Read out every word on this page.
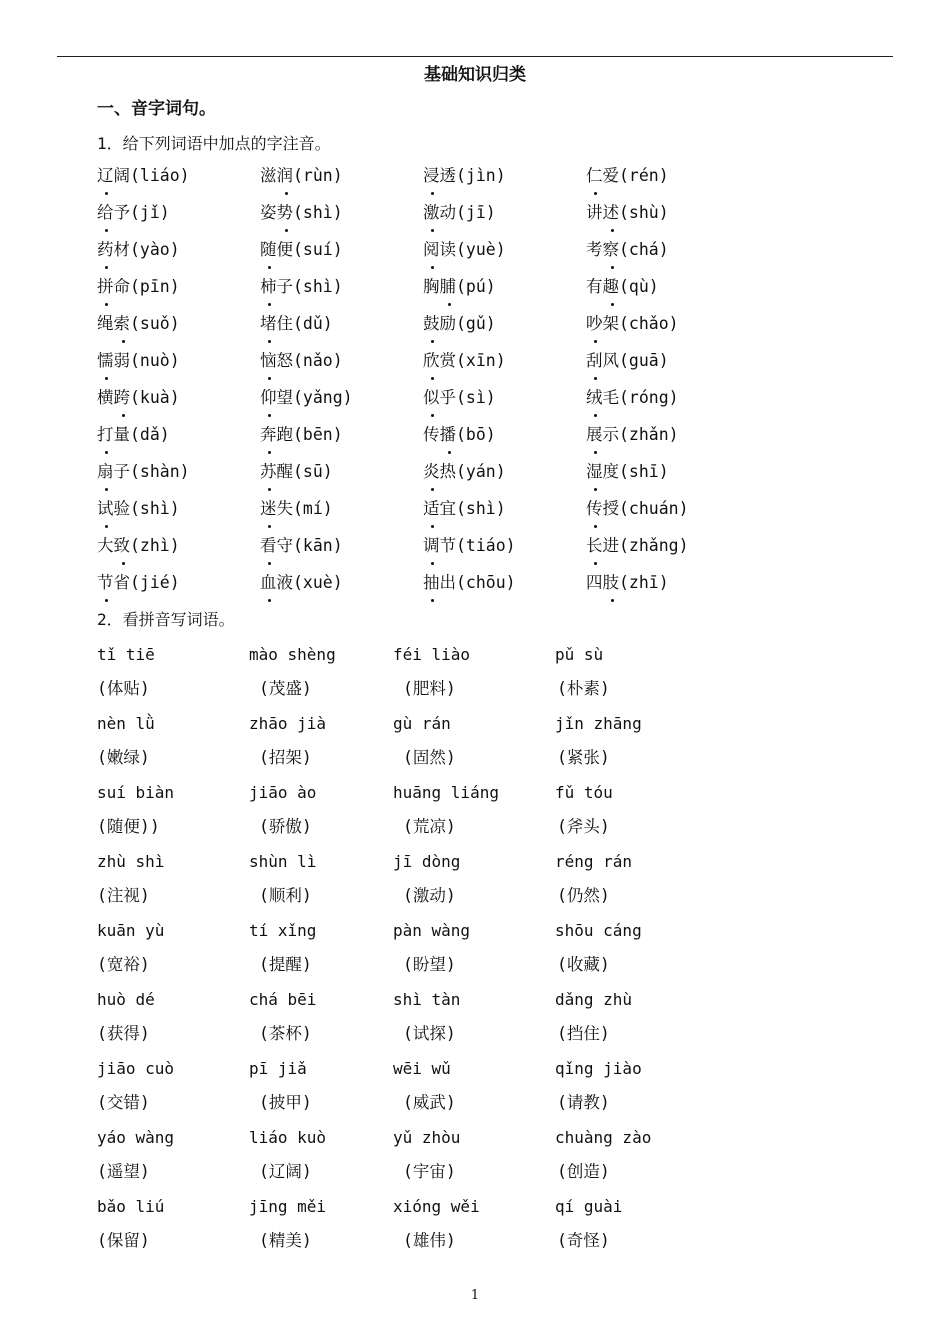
基础知识归类
一、音字词句。
1．给下列词语中加点的字注音。
辽阔(liáo)	滋润(rùn)	浸透(jìn)	仁爱(rén)
给予(jǐ)	姿势(shì)	激动(jī)	讲述(shù)
药材(yào)	随便(suí)	阅读(yuè)	考察(chá)
拼命(pīn)	柿子(shì)	胸脯(pú)	有趣(qù)
绳索(suǒ)	堵住(dǔ)	鼓励(gǔ)	吵架(chǎo)
懦弱(nuò)	恼怒(nǎo)	欣赏(xīn)	刮风(guā)
横跨(kuà)	仰望(yǎng)	似乎(sì)	绒毛(róng)
打量(dǎ)	奔跑(bēn)	传播(bō)	展示(zhǎn)
扇子(shàn)	苏醒(sū)	炎热(yán)	湿度(shī)
试验(shì)	迷失(mí)	适宜(shì)	传授(chuán)
大致(zhì)	看守(kān)	调节(tiáo)	长进(zhǎng)
节省(jié)	血液(xuè)	抽出(chōu)	四肢(zhī)
2．看拼音写词语。
tǐ tiē	mào shèng	féi liào	pǔ sù
(体贴)	(茂盛)	(肥料)	(朴素)
nèn lǜ	zhāo jià	gù rán	jǐn zhāng
(嫩绿)	(招架)	(固然)	(紧张)
suí biàn	jiāo ào	huāng liáng	fǔ tóu
(随便))	(骄傲)	(荒凉)	(斧头)
zhù shì	shùn lì	jī dòng	réng rán
(注视)	(顺利)	(激动)	(仍然)
kuān yù	tí xǐng	pàn wàng	shōu cáng
(宽裕)	(提醒)	(盼望)	(收藏)
huò dé	chá bēi	shì tàn	dǎng zhù
(获得)	(茶杯)	(试探)	(挡住)
jiāo cuò	pī jiǎ	wēi wǔ	qǐng jiào
(交错)	(披甲)	(威武)	(请教)
yáo wàng	liáo kuò	yǔ zhòu	chuàng zào
(遥望)	(辽阔)	(宇宙)	(创造)
bǎo liú	jīng měi	xióng wěi	qí guài
(保留)	(精美)	(雄伟)	(奇怪)
1
